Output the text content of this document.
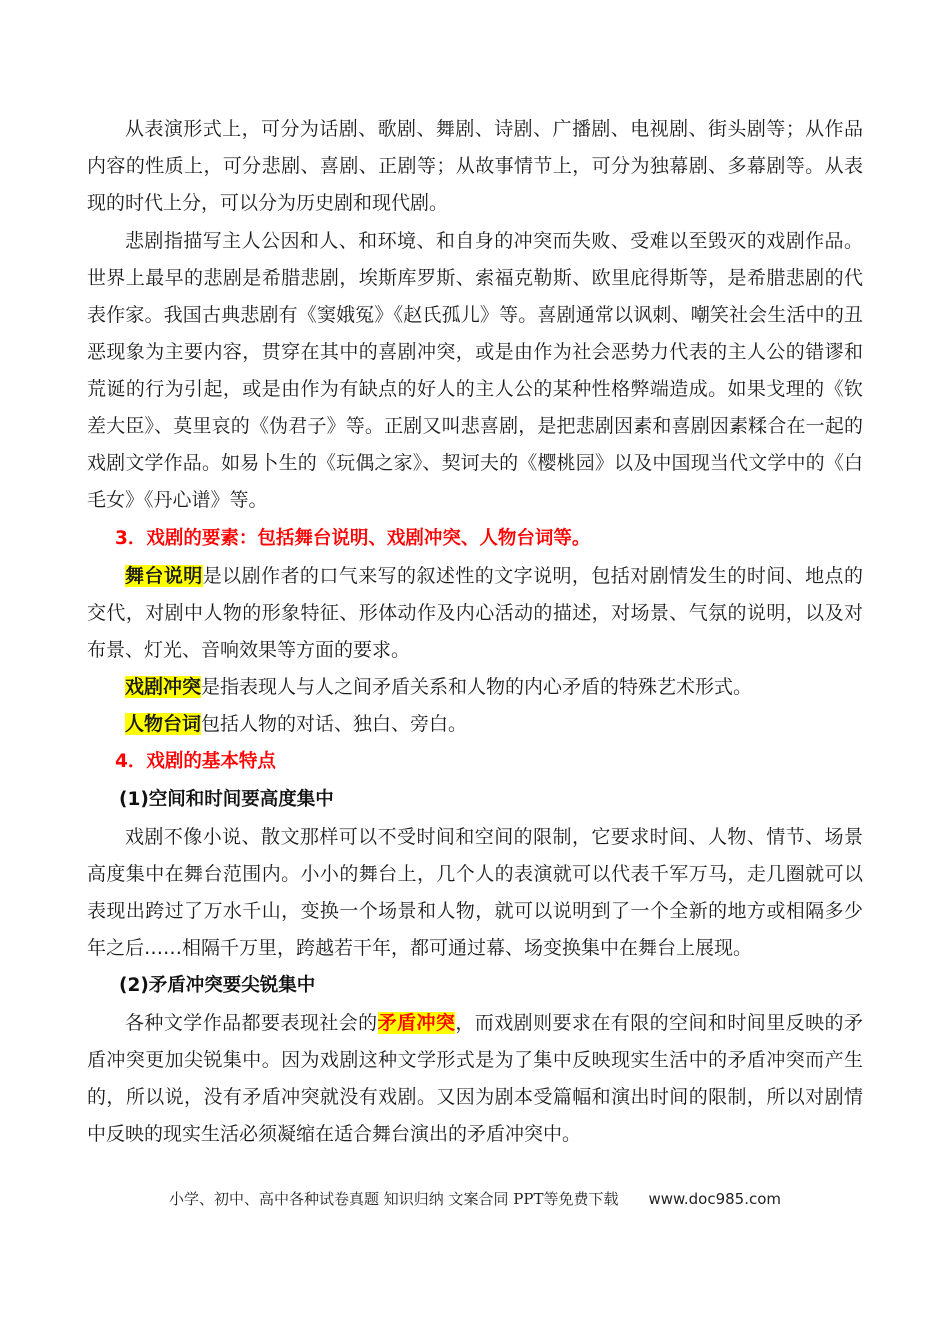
从表演形式上，可分为话剧、歌剧、舞剧、诗剧、广播剧、电视剧、街头剧等；从作品内容的性质上，可分悲剧、喜剧、正剧等；从故事情节上，可分为独幕剧、多幕剧等。从表现的时代上分，可以分为历史剧和现代剧。

悲剧指描写主人公因和人、和环境、和自身的冲突而失败、受难以至毁灭的戏剧作品。世界上最早的悲剧是希腊悲剧，埃斯库罗斯、索福克勒斯、欧里庇得斯等，是希腊悲剧的代表作家。我国古典悲剧有《窦娥冤》《赵氏孤儿》等。喜剧通常以讽刺、嘲笑社会生活中的丑恶现象为主要内容，贯穿在其中的喜剧冲突，或是由作为社会恶势力代表的主人公的错谬和荒诞的行为引起，或是由作为有缺点的好人的主人公的某种性格弊端造成。如果戈理的《钦差大臣》、莫里哀的《伪君子》等。正剧又叫悲喜剧，是把悲剧因素和喜剧因素糅合在一起的戏剧文学作品。如易卜生的《玩偶之家》、契诃夫的《樱桃园》以及中国现当代文学中的《白毛女》《丹心谱》等。

3．戏剧的要素：包括舞台说明、戏剧冲突、人物台词等。

舞台说明是以剧作者的口气来写的叙述性的文字说明，包括对剧情发生的时间、地点的交代，对剧中人物的形象特征、形体动作及内心活动的描述，对场景、气氛的说明，以及对布景、灯光、音响效果等方面的要求。

戏剧冲突是指表现人与人之间矛盾关系和人物的内心矛盾的特殊艺术形式。

人物台词包括人物的对话、独白、旁白。

4．戏剧的基本特点

(1)空间和时间要高度集中

戏剧不像小说、散文那样可以不受时间和空间的限制，它要求时间、人物、情节、场景高度集中在舞台范围内。小小的舞台上，几个人的表演就可以代表千军万马，走几圈就可以表现出跨过了万水千山，变换一个场景和人物，就可以说明到了一个全新的地方或相隔多少年之后……相隔千万里，跨越若干年，都可通过幕、场变换集中在舞台上展现。

(2)矛盾冲突要尖锐集中

各种文学作品都要表现社会的矛盾冲突，而戏剧则要求在有限的空间和时间里反映的矛盾冲突更加尖锐集中。因为戏剧这种文学形式是为了集中反映现实生活中的矛盾冲突而产生的，所以说，没有矛盾冲突就没有戏剧。又因为剧本受篇幅和演出时间的限制，所以对剧情中反映的现实生活必须凝缩在适合舞台演出的矛盾冲突中。

小学、初中、高中各种试卷真题 知识归纳 文案合同 PPT等免费下载 www.doc985.com
